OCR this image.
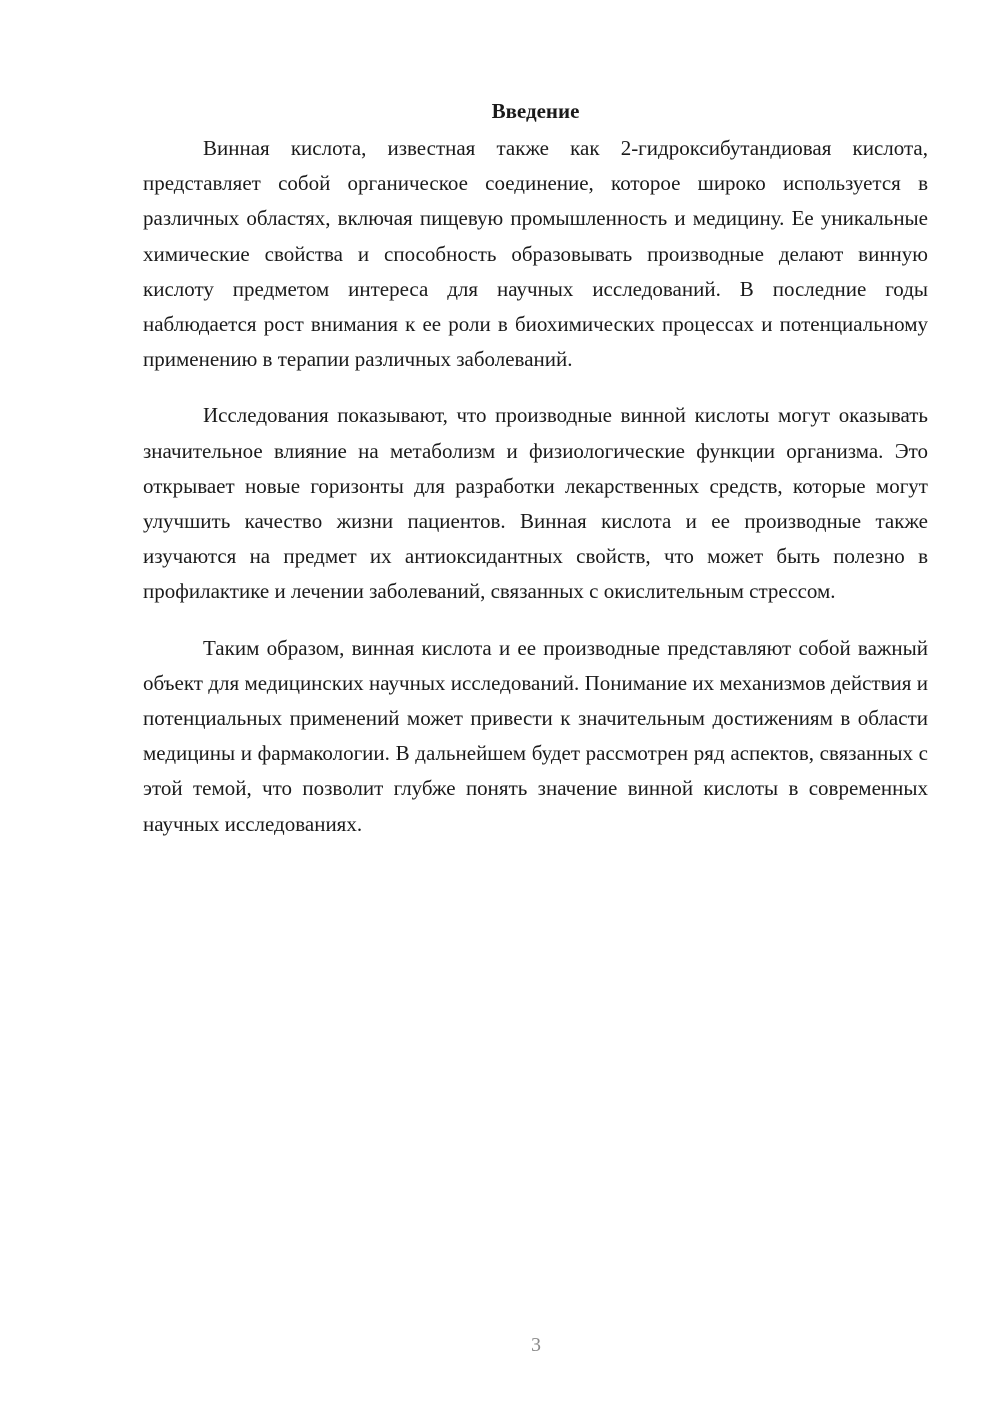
Введение

Винная кислота, известная также как 2-гидроксибутандиовая кислота, представляет собой органическое соединение, которое широко используется в различных областях, включая пищевую промышленность и медицину. Ее уникальные химические свойства и способность образовывать производные делают винную кислоту предметом интереса для научных исследований. В последние годы наблюдается рост внимания к ее роли в биохимических процессах и потенциальному применению в терапии различных заболеваний.

Исследования показывают, что производные винной кислоты могут оказывать значительное влияние на метаболизм и физиологические функции организма. Это открывает новые горизонты для разработки лекарственных средств, которые могут улучшить качество жизни пациентов. Винная кислота и ее производные также изучаются на предмет их антиоксидантных свойств, что может быть полезно в профилактике и лечении заболеваний, связанных с окислительным стрессом.

Таким образом, винная кислота и ее производные представляют собой важный объект для медицинских научных исследований. Понимание их механизмов действия и потенциальных применений может привести к значительным достижениям в области медицины и фармакологии. В дальнейшем будет рассмотрен ряд аспектов, связанных с этой темой, что позволит глубже понять значение винной кислоты в современных научных исследованиях.

3
